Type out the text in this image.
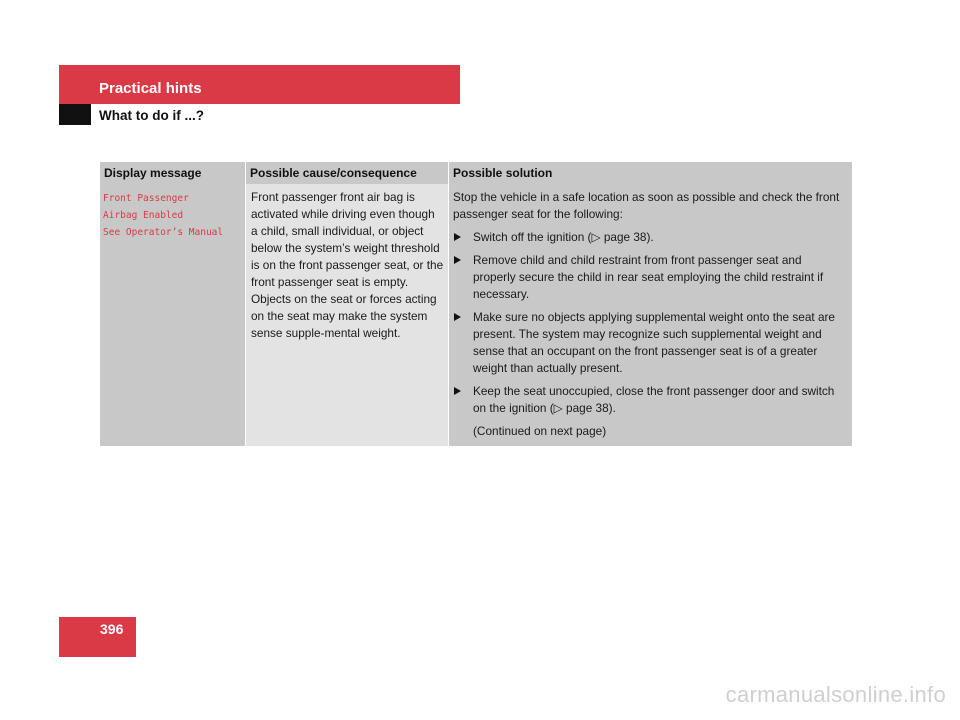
Practical hints
What to do if ...?
Display message	Possible cause/consequence	Possible solution
Front Passenger
Airbag Enabled
See Operator’s Manual

Front passenger front air bag is activated while driving even though a child, small individual, or object below the system’s weight threshold is on the front passenger seat, or the front passenger seat is empty. Objects on the seat or forces acting on the seat may make the system sense supple-mental weight.

Stop the vehicle in a safe location as soon as possible and check the front passenger seat for the following:

Switch off the ignition (▷ page 38).
Remove child and child restraint from front passenger seat and properly secure the child in rear seat employing the child restraint if necessary.
Make sure no objects applying supplemental weight onto the seat are present. The system may recognize such supplemental weight and sense that an occupant on the front passenger seat is of a greater weight than actually present.
Keep the seat unoccupied, close the front passenger door and switch on the ignition (▷ page 38).
(Continued on next page)
396
carmanualsonline.info
